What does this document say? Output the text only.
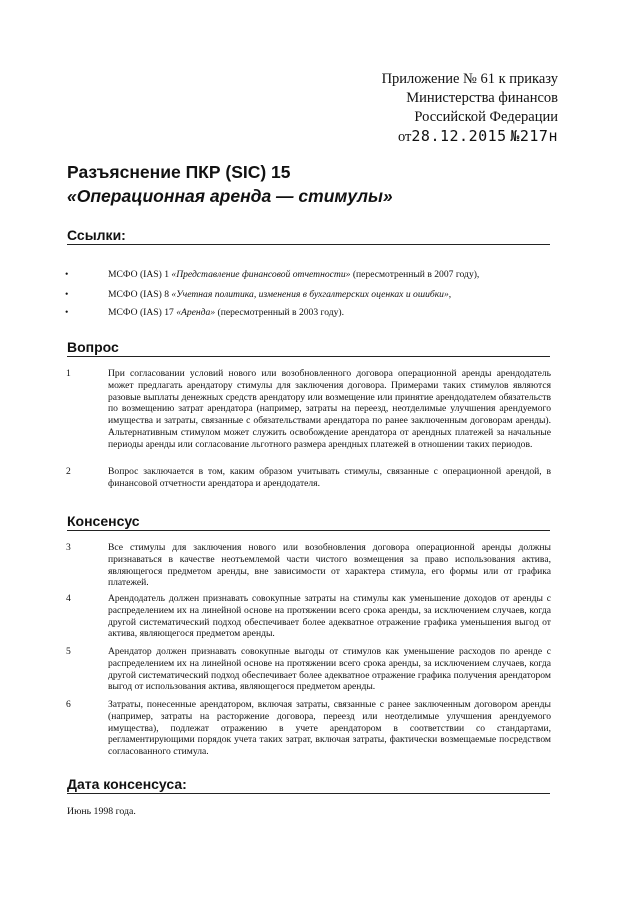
Приложение № 61 к приказу
Министерства финансов
Российской Федерации
от28.12.2015 №217н
Разъяснение ПКР (SIC) 15
«Операционная аренда — стимулы»
Ссылки:
•	МСФО (IAS) 1 «Представление финансовой отчетности» (пересмотренный в 2007 году),
•	МСФО (IAS) 8 «Учетная политика, изменения в бухгалтерских оценках и ошибки»,
•	МСФО (IAS) 17 «Аренда» (пересмотренный в 2003 году).
Вопрос
1	При согласовании условий нового или возобновленного договора операционной аренды арендодатель может предлагать арендатору стимулы для заключения договора. Примерами таких стимулов являются разовые выплаты денежных средств арендатору или возмещение или принятие арендодателем обязательств по возмещению затрат арендатора (например, затраты на переезд, неотделимые улучшения арендуемого имущества и затраты, связанные с обязательствами арендатора по ранее заключенным договорам аренды). Альтернативным стимулом может служить освобождение арендатора от арендных платежей за начальные периоды аренды или согласование льготного размера арендных платежей в отношении таких периодов.
2	Вопрос заключается в том, каким образом учитывать стимулы, связанные с операционной арендой, в финансовой отчетности арендатора и арендодателя.
Консенсус
3	Все стимулы для заключения нового или возобновления договора операционной аренды должны признаваться в качестве неотъемлемой части чистого возмещения за право использования актива, являющегося предметом аренды, вне зависимости от характера стимула, его формы или от графика платежей.
4	Арендодатель должен признавать совокупные затраты на стимулы как уменьшение доходов от аренды с распределением их на линейной основе на протяжении всего срока аренды, за исключением случаев, когда другой систематический подход обеспечивает более адекватное отражение графика уменьшения выгод от актива, являющегося предметом аренды.
5	Арендатор должен признавать совокупные выгоды от стимулов как уменьшение расходов по аренде с распределением их на линейной основе на протяжении всего срока аренды, за исключением случаев, когда другой систематический подход обеспечивает более адекватное отражение графика получения арендатором выгод от использования актива, являющегося предметом аренды.
6	Затраты, понесенные арендатором, включая затраты, связанные с ранее заключенным договором аренды (например, затраты на расторжение договора, переезд или неотделимые улучшения арендуемого имущества), подлежат отражению в учете арендатором в соответствии со стандартами, регламентирующими порядок учета таких затрат, включая затраты, фактически возмещаемые посредством согласованного стимула.
Дата консенсуса:
Июнь 1998 года.
